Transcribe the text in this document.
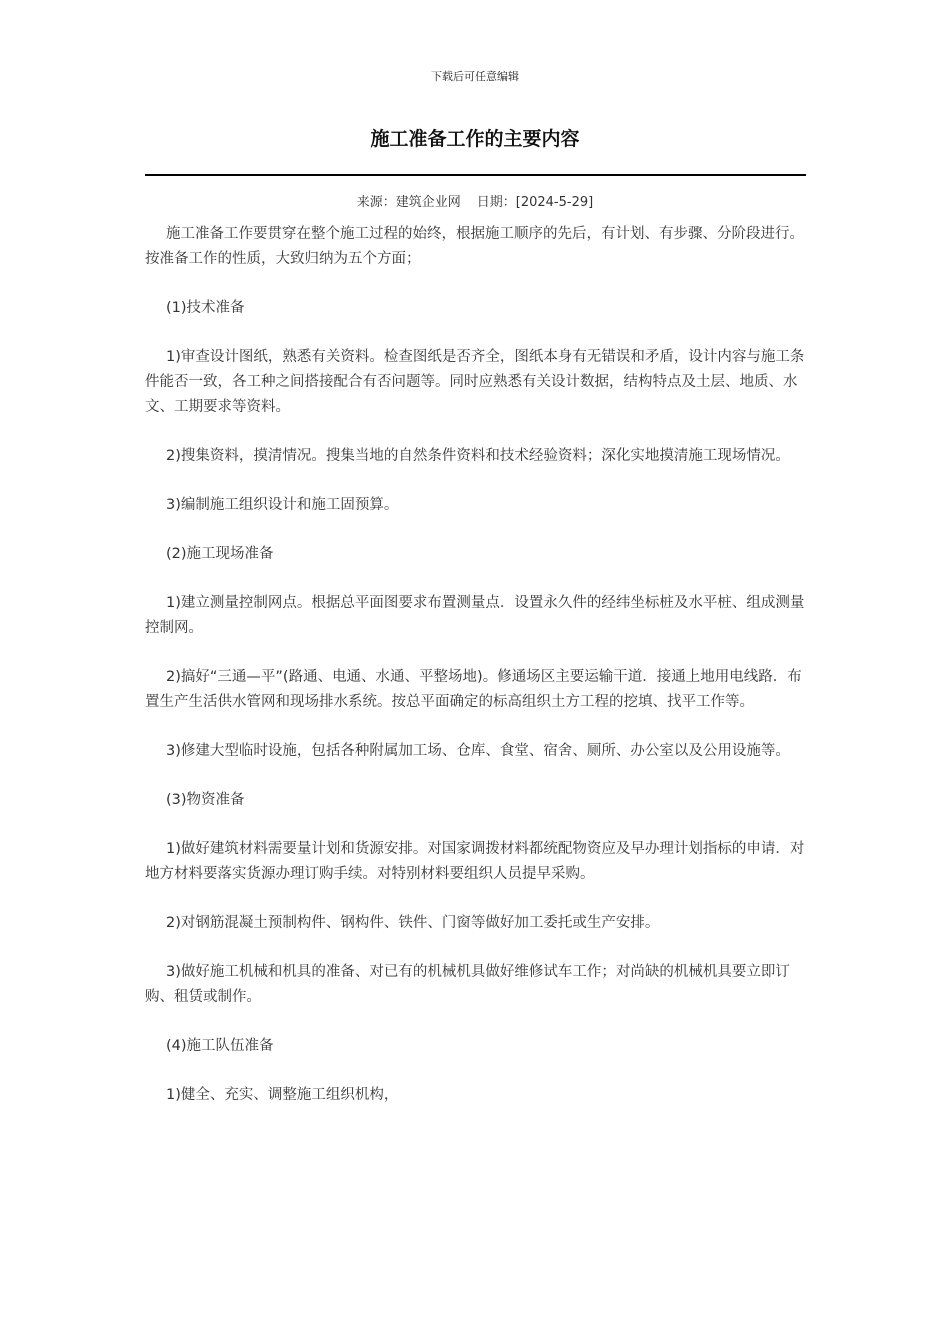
下载后可任意编辑
施工准备工作的主要内容
来源：建筑企业网 日期：[2024-5-29]

施工准备工作要贯穿在整个施工过程的始终，根据施工顺序的先后，有计划、有步骤、分阶段进行。按准备工作的性质，大致归纳为五个方面；

(1)技术准备

1)审查设计图纸，熟悉有关资料。检查图纸是否齐全，图纸本身有无错误和矛盾，设计内容与施工条件能否一致，各工种之间搭接配合有否问题等。同时应熟悉有关设计数据，结构特点及土层、地质、水文、工期要求等资料。

2)搜集资料，摸清情况。搜集当地的自然条件资料和技术经验资料；深化实地摸清施工现场情况。

3)编制施工组织设计和施工固预算。

(2)施工现场准备

1)建立测量控制网点。根据总平面图要求布置测量点．设置永久件的经纬坐标桩及水平桩、组成测量控制网。

2)搞好“三通—平”(路通、电通、水通、平整场地)。修通场区主要运输干道．接通上地用电线路．布置生产生活供水管网和现场排水系统。按总平面确定的标高组织土方工程的挖填、找平工作等。

3)修建大型临时设施，包括各种附属加工场、仓库、食堂、宿舍、厕所、办公室以及公用设施等。

(3)物资准备

1)做好建筑材料需要量计划和货源安排。对国家调拨材料都统配物资应及早办理计划指标的申请．对地方材料要落实货源办理订购手续。对特别材料要组织人员提早采购。

2)对钢筋混凝土预制构件、钢构件、铁件、门窗等做好加工委托或生产安排。

3)做好施工机械和机具的准备、对已有的机械机具做好维修试车工作；对尚缺的机械机具要立即订购、租赁或制作。

(4)施工队伍准备

1)健全、充实、调整施工组织机构，
